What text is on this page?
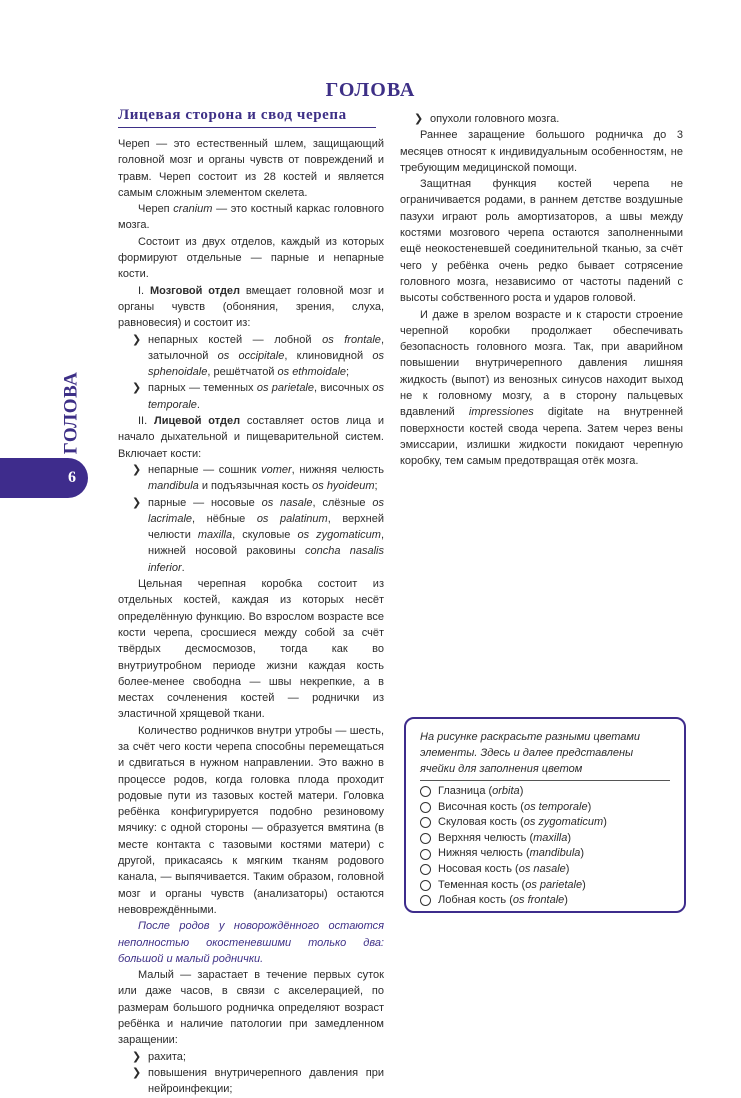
ГОЛОВА
Лицевая сторона и свод черепа
ГОЛОВА
6

Череп — это естественный шлем, защищающий головной мозг и органы чувств от повреждений и травм. Череп состоит из 28 костей и является самым сложным элементом скелета.

Череп cranium — это костный каркас головного мозга.

Состоит из двух отделов, каждый из которых формируют отдельные — парные и непарные кости.

I. Мозговой отдел вмещает головной мозг и органы чувств (обоняния, зрения, слуха, равновесия) и состоит из:

❯ непарных костей — лобной os frontale, затылочной os occipitale, клиновидной os sphenoidale, решётчатой os ethmoidale;
❯ парных — теменных os parietale, височных os temporale.

II. Лицевой отдел составляет остов лица и начало дыхательной и пищеварительной систем. Включает кости:

❯ непарные — сошник vomer, нижняя челюсть mandibula и подъязычная кость os hyoideum;
❯ парные — носовые os nasale, слёзные os lacrimale, нёбные os palatinum, верхней челюсти maxilla, скуловые os zygomaticum, нижней носовой раковины concha nasalis inferior.

Цельная черепная коробка состоит из отдельных костей, каждая из которых несёт определённую функцию. Во взрослом возрасте все кости черепа, сросшиеся между собой за счёт твёрдых десмосмозов, тогда как во внутриутробном периоде жизни каждая кость более-менее свободна — швы некрепкие, а в местах сочленения костей — роднички из эластичной хрящевой ткани.

Количество родничков внутри утробы — шесть, за счёт чего кости черепа способны перемещаться и сдвигаться в нужном направлении. Это важно в процессе родов, когда головка плода проходит родовые пути из тазовых костей матери. Головка ребёнка конфигурируется подобно резиновому мячику: с одной стороны — образуется вмятина (в месте контакта с тазовыми костями матери) с другой, прикасаясь к мягким тканям родового канала, — выпячивается. Таким образом, головной мозг и органы чувств (анализаторы) остаются невовреждёнными.

После родов у новорождённого остаются неполностью окостеневшими только два: большой и малый роднички.

Малый — зарастает в течение первых суток или даже часов, в связи с акселерацией, по размерам большого родничка определяют возраст ребёнка и наличие патологии при замедленном заращении:

❯ рахита;
❯ повышения внутричерепного давления при нейроинфекции;
❯ опухоли головного мозга.

Раннее заращение большого родничка до 3 месяцев относят к индивидуальным особенностям, не требующим медицинской помощи.

Защитная функция костей черепа не ограничивается родами, в раннем детстве воздушные пазухи играют роль амортизаторов, а швы между костями мозгового черепа остаются заполненными ещё неокостеневшей соединительной тканью, за счёт чего у ребёнка очень редко бывает сотрясение головного мозга, независимо от частоты падений с высоты собственного роста и ударов головой.

И даже в зрелом возрасте и к старости строение черепной коробки продолжает обеспечивать безопасность головного мозга. Так, при аварийном повышении внутричерепного давления лишняя жидкость (выпот) из венозных синусов находит выход не к головному мозгу, а в сторону пальцевых вдавлений impressiones digitate на внутренней поверхности костей свода черепа. Затем через вены эмиссарии, излишки жидкости покидают черепную коробку, тем самым предотвращая отёк мозга.

На рисунке раскрасьте разными цветами элементы. Здесь и далее представлены ячейки для заполнения цветом
Глазница ( orbita )
Височная кость ( os temporale )
Скуловая кость ( os zygomaticum )
Верхняя челюсть ( maxilla )
Нижняя челюсть ( mandibula )
Носовая кость ( os nasale )
Теменная кость ( os parietale )
Лобная кость ( os frontale )
